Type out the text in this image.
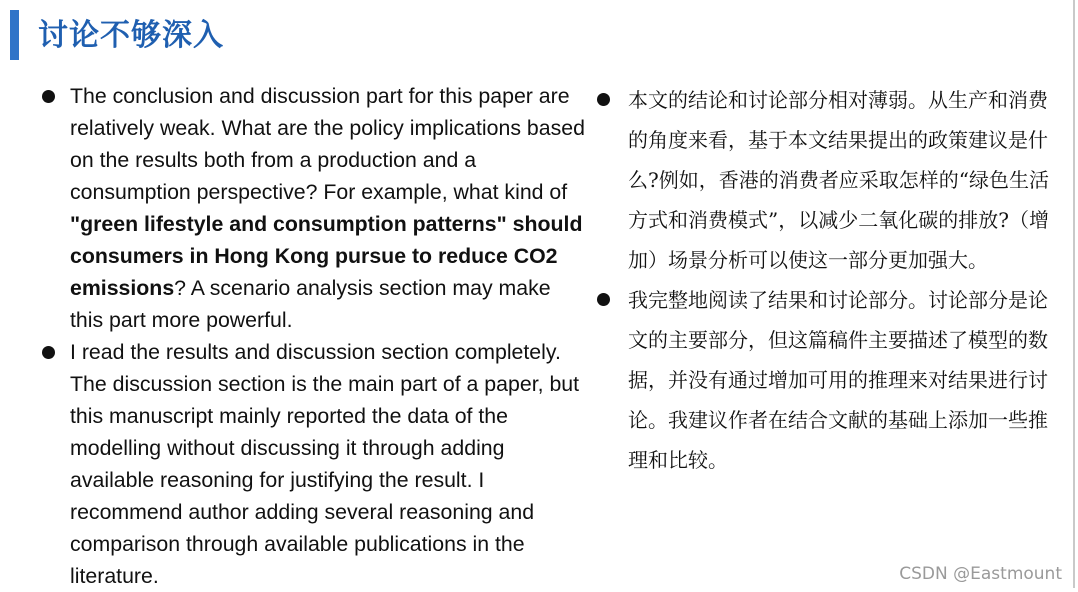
讨论不够深入
The conclusion and discussion part for this paper are relatively weak. What are the policy implications based on the results both from a production and a consumption perspective? For example, what kind of "green lifestyle and consumption patterns" should consumers in Hong Kong pursue to reduce CO2 emissions? A scenario analysis section may make this part more powerful.
I read the results and discussion section completely. The discussion section is the main part of a paper, but this manuscript mainly reported the data of the modelling without discussing it through adding available reasoning for justifying the result. I recommend author adding several reasoning and comparison through available publications in the literature.
本文的结论和讨论部分相对薄弱。从生产和消费的角度来看，基于本文结果提出的政策建议是什么?例如，香港的消费者应采取怎样的“绿色生活方式和消费模式”，以减少二氧化碳的排放?（增加）场景分析可以使这一部分更加强大。
我完整地阅读了结果和讨论部分。讨论部分是论文的主要部分，但这篇稿件主要描述了模型的数据，并没有通过增加可用的推理来对结果进行讨论。我建议作者在结合文献的基础上添加一些推理和比较。
CSDN @Eastmount
